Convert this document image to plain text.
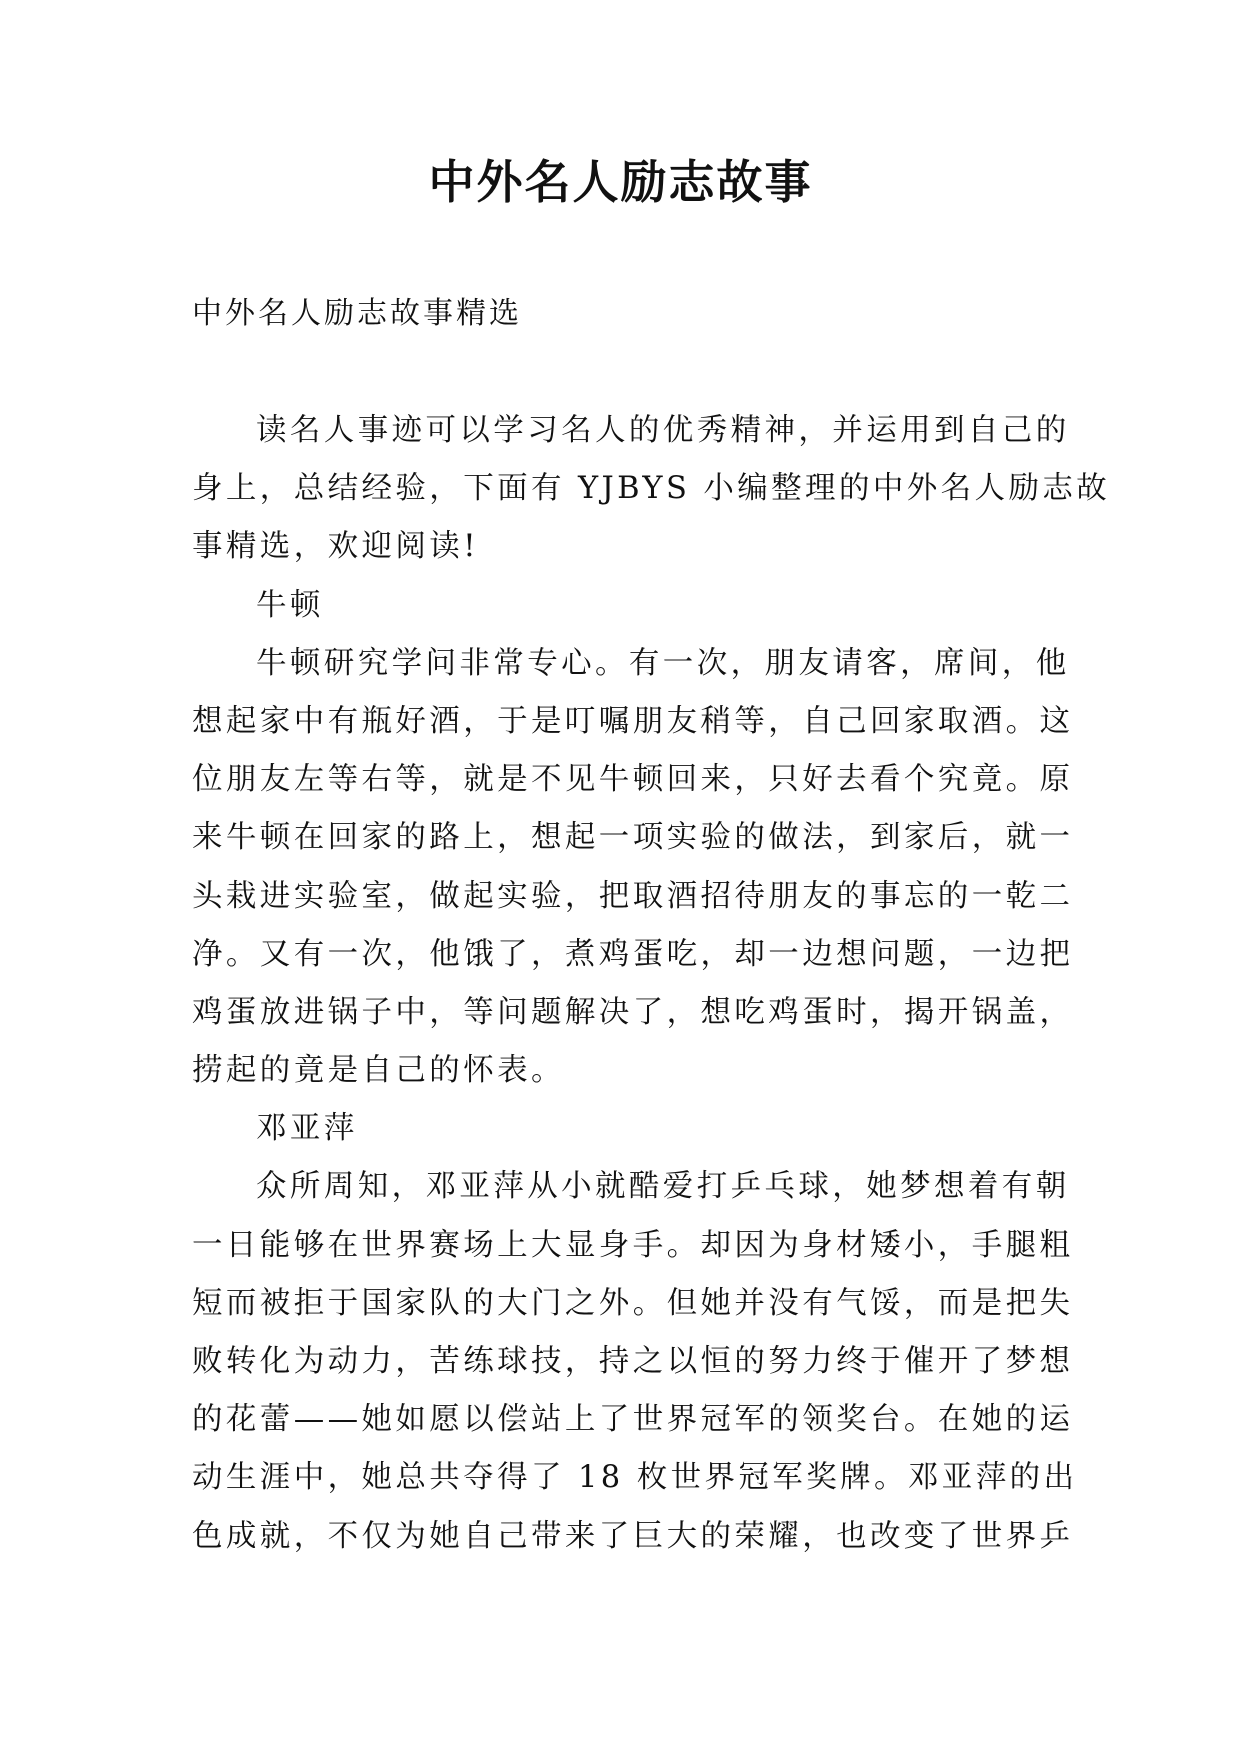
中外名人励志故事
中外名人励志故事精选
读名人事迹可以学习名人的优秀精神，并运用到自己的
身上，总结经验，下面有 YJBYS 小编整理的中外名人励志故
事精选，欢迎阅读!
牛顿
牛顿研究学问非常专心。有一次，朋友请客，席间，他
想起家中有瓶好酒，于是叮嘱朋友稍等，自己回家取酒。这
位朋友左等右等，就是不见牛顿回来，只好去看个究竟。原
来牛顿在回家的路上，想起一项实验的做法，到家后，就一
头栽进实验室，做起实验，把取酒招待朋友的事忘的一乾二
净。又有一次，他饿了，煮鸡蛋吃，却一边想问题，一边把
鸡蛋放进锅子中，等问题解决了，想吃鸡蛋时，揭开锅盖，
捞起的竟是自己的怀表。
邓亚萍
众所周知，邓亚萍从小就酷爱打乒乓球，她梦想着有朝
一日能够在世界赛场上大显身手。却因为身材矮小，手腿粗
短而被拒于国家队的大门之外。但她并没有气馁，而是把失
败转化为动力，苦练球技，持之以恒的努力终于催开了梦想
的花蕾——她如愿以偿站上了世界冠军的领奖台。在她的运
动生涯中，她总共夺得了 18 枚世界冠军奖牌。邓亚萍的出
色成就，不仅为她自己带来了巨大的荣耀，也改变了世界乒
